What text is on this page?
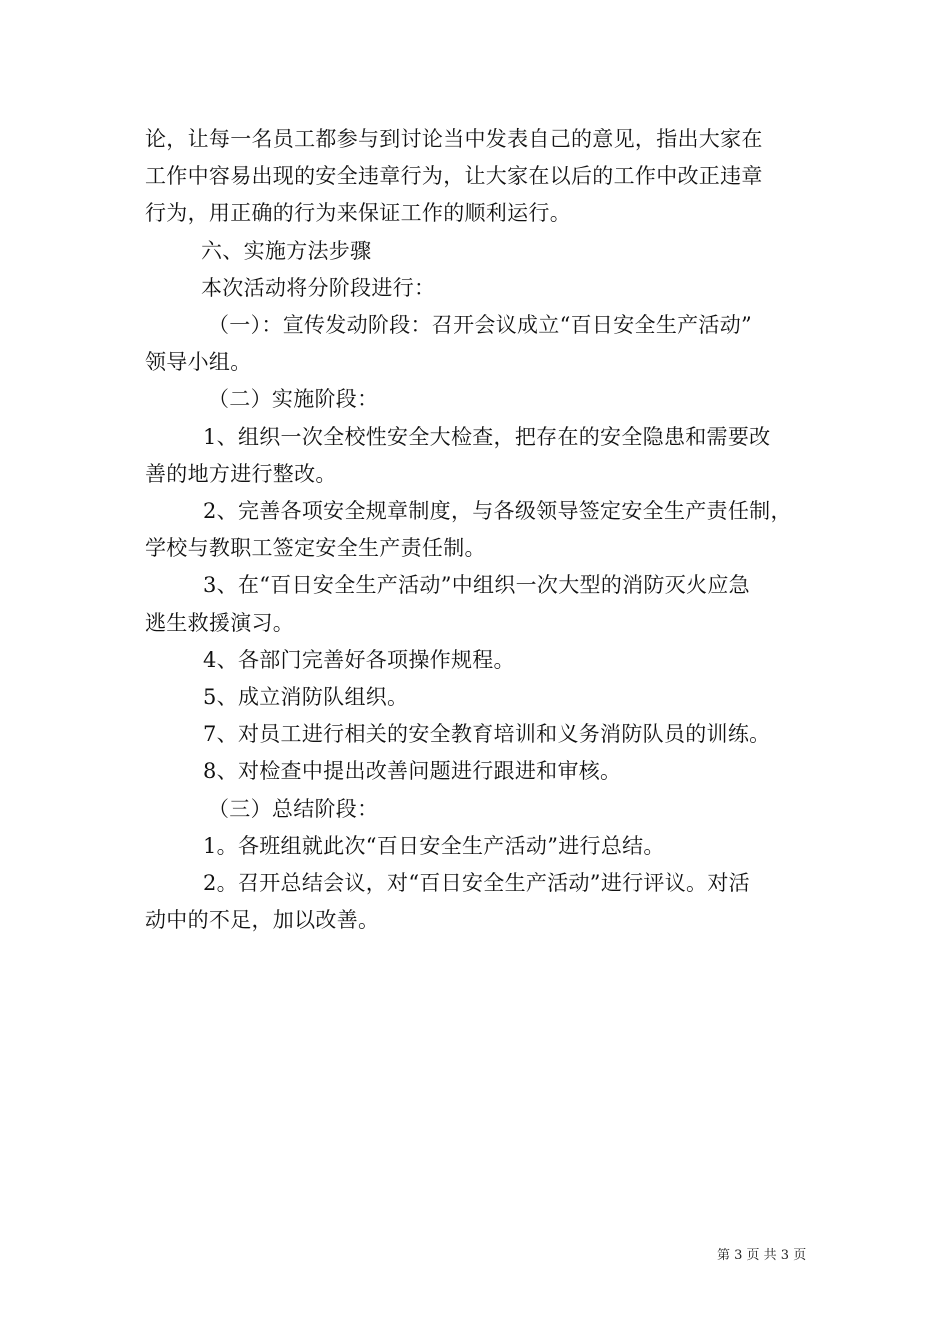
论，让每一名员工都参与到讨论当中发表自己的意见，指出大家在
工作中容易出现的安全违章行为，让大家在以后的工作中改正违章
行为，用正确的行为来保证工作的顺利运行。

六、实施方法步骤

本次活动将分阶段进行：

（一）：宣传发动阶段：召开会议成立“百日安全生产活动”
领导小组。

（二）实施阶段：

1、组织一次全校性安全大检查，把存在的安全隐患和需要改
善的地方进行整改。

2、完善各项安全规章制度，与各级领导签定安全生产责任制，
学校与教职工签定安全生产责任制。

3、在“百日安全生产活动”中组织一次大型的消防灭火应急
逃生救援演习。

4、各部门完善好各项操作规程。

5、成立消防队组织。

7、对员工进行相关的安全教育培训和义务消防队员的训练。

8、对检查中提出改善问题进行跟进和审核。

（三）总结阶段：

1。各班组就此次“百日安全生产活动”进行总结。

2。召开总结会议，对“百日安全生产活动”进行评议。对活
动中的不足，加以改善。

第 3 页 共 3 页
